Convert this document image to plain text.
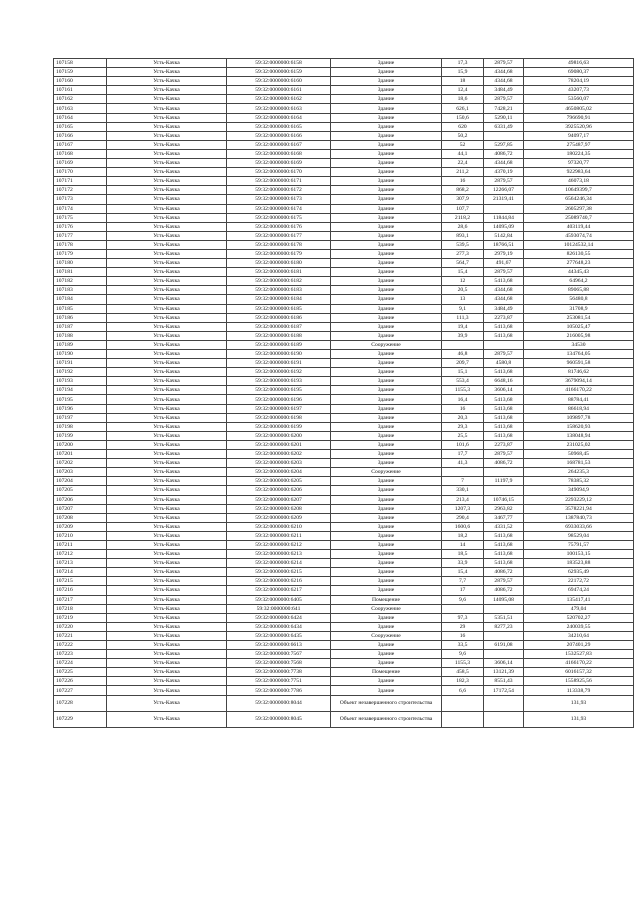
107158	Усть-Качка	59:32:0000000:6158	Здание	17,3	2879,57	49816,63
107159	Усть-Качка	59:32:0000000:6159	Здание	15,9	4344,68	69080,37
107160	Усть-Качка	59:32:0000000:6160	Здание	18	4344,68	78204,19
107161	Усть-Качка	59:32:0000000:6161	Здание	12,4	3484,49	43207,73
107162	Усть-Качка	59:32:0000000:6162	Здание	18,6	2879,57	53560,07
107163	Усть-Качка	59:32:0000000:6163	Здание	626,1	7428,21	4650805,02
107164	Усть-Качка	59:32:0000000:6164	Здание	150,6	5290,11	796690,91
107165	Усть-Качка	59:32:0000000:6165	Здание	620	6331,49	3925520,96
107166	Усть-Качка	59:32:0000000:6166	Здание	50,2		94097,17
107167	Усть-Качка	59:32:0000000:6167	Здание	52	5297,85	275487,97
107168	Усть-Качка	59:32:0000000:6168	Здание	44,1	4086,72	180224,35
107169	Усть-Качка	59:32:0000000:6169	Здание	22,4	4344,68	97320,77
107170	Усть-Качка	59:32:0000000:6170	Здание	211,2	4370,19	922983,64
107171	Усть-Качка	59:32:0000000:6171	Здание	16	2879,57	46073,18
107172	Усть-Качка	59:32:0000000:6172	Здание	868,2	12266,07	10649399,7
107173	Усть-Качка	59:32:0000000:6173	Здание	307,9	21319,41	6564246,34
107174	Усть-Качка	59:32:0000000:6174	Здание	107,7		2605297,38
107175	Усть-Качка	59:32:0000000:6175	Здание	2118,2	11844,84	25089740,7
107176	Усть-Качка	59:32:0000000:6176	Здание	28,6	14095,09	403119,44
107177	Усть-Качка	59:32:0000000:6177	Здание	893,1	5142,84	4593074,74
107178	Усть-Качка	59:32:0000000:6178	Здание	539,5	18766,51	10124532,14
107179	Усть-Качка	59:32:0000000:6179	Здание	277,3	2979,19	826130,55
107180	Усть-Качка	59:32:0000000:6180	Здание	564,7	491,67	277648,23
107181	Усть-Качка	59:32:0000000:6181	Здание	15,4	2879,57	44345,43
107182	Усть-Качка	59:32:0000000:6182	Здание	12	5413,68	64964,2
107183	Усть-Качка	59:32:0000000:6183	Здание	20,5	4344,68	89065,88
107184	Усть-Качка	59:32:0000000:6184	Здание	13	4344,68	56480,8
107185	Усть-Качка	59:32:0000000:6185	Здание	9,1	3484,49	31708,9
107186	Усть-Качка	59:32:0000000:6186	Здание	111,3	2273,87	253081,54
107187	Усть-Качка	59:32:0000000:6187	Здание	19,4	5413,68	105025,47
107188	Усть-Качка	59:32:0000000:6188	Здание	39,9	5413,68	216005,98
107189	Усть-Качка	59:32:0000000:6189	Сооружение			34530
107190	Усть-Качка	59:32:0000000:6190	Здание	46,8	2879,57	134764,05
107191	Усть-Качка	59:32:0000000:6191	Здание	209,7	4580,8	960591,58
107192	Усть-Качка	59:32:0000000:6192	Здание	15,1	5413,68	81746,62
107193	Усть-Качка	59:32:0000000:6193	Здание	553,4	6648,16	3679094,14
107194	Усть-Качка	59:32:0000000:6195	Здание	1155,3	3606,14	4166170,22
107195	Усть-Качка	59:32:0000000:6196	Здание	16,4	5413,68	88784,41
107196	Усть-Качка	59:32:0000000:6197	Здание	16	5413,68	86618,94
107197	Усть-Качка	59:32:0000000:6198	Здание	20,3	5413,68	109897,78
107198	Усть-Качка	59:32:0000000:6199	Здание	29,3	5413,68	158620,93
107199	Усть-Качка	59:32:0000000:6200	Здание	25,5	5413,68	138048,94
107200	Усть-Качка	59:32:0000000:6201	Здание	101,6	2273,87	231025,02
107201	Усть-Качка	59:32:0000000:6202	Здание	17,7	2879,57	50968,45
107202	Усть-Качка	59:32:0000000:6203	Здание	41,3	4086,72	168781,53
107203	Усть-Качка	59:32:0000000:6204	Сооружение			264235,3
107204	Усть-Качка	59:32:0000000:6205	Здание	7	11197,9	78385,32
107205	Усть-Качка	59:32:0000000:6206	Здание	330,1		349094,9
107206	Усть-Качка	59:32:0000000:6207	Здание	213,4	10746,15	2293229,12
107207	Усть-Качка	59:32:0000000:6208	Здание	1207,3	2963,82	3578221,94
107208	Усть-Качка	59:32:0000000:6209	Здание	290,4	3467,77	1387840,73
107209	Усть-Качка	59:32:0000000:6210	Здание	1600,6	4331,52	6933033,66
107210	Усть-Качка	59:32:0000000:6211	Здание	18,2	5413,68	98529,04
107211	Усть-Качка	59:32:0000000:6212	Здание	14	5413,68	75791,57
107212	Усть-Качка	59:32:0000000:6213	Здание	18,5	5413,68	100153,15
107213	Усть-Качка	59:32:0000000:6214	Здание	33,9	5413,68	183523,88
107214	Усть-Качка	59:32:0000000:6215	Здание	15,4	4086,72	62935,49
107215	Усть-Качка	59:32:0000000:6216	Здание	7,7	2879,57	22172,72
107216	Усть-Качка	59:32:0000000:6217	Здание	17	4086,72	69474,24
107217	Усть-Качка	59:32:0000000:6405	Помещение	9,6	14095,08	135417,41
107218	Усть-Качка	59:32:0000000:641	Сооружение			479,04
107219	Усть-Качка	59:32:0000000:6424	Здание	97,3	5351,51	520702,27
107220	Усть-Качка	59:32:0000000:6434	Здание	29	8277,23	240039,55
107221	Усть-Качка	59:32:0000000:6435	Сооружение	16		34210,64
107222	Усть-Качка	59:32:0000000:6613	Здание	33,5	6191,08	207401,29
107223	Усть-Качка	59:32:0000000:7567	Здание	9,6		1532527,83
107224	Усть-Качка	59:32:0000000:7568	Здание	1155,3	3606,14	4166170,22
107225	Усть-Качка	59:32:0000000:7738	Помещение	458,5	13121,39	6016157,32
107226	Усть-Качка	59:32:0000000:7751	Здание	182,3	8551,43	1558925,56
107227	Усть-Качка	59:32:0000000:7786	Здание	6,6	17172,54	113338,79
107228	Усть-Качка	59:32:0000000:8044	Объект незавершенного строительства			131,93
107229	Усть-Качка	59:32:0000000:8045	Объект незавершенного строительства			131,93
